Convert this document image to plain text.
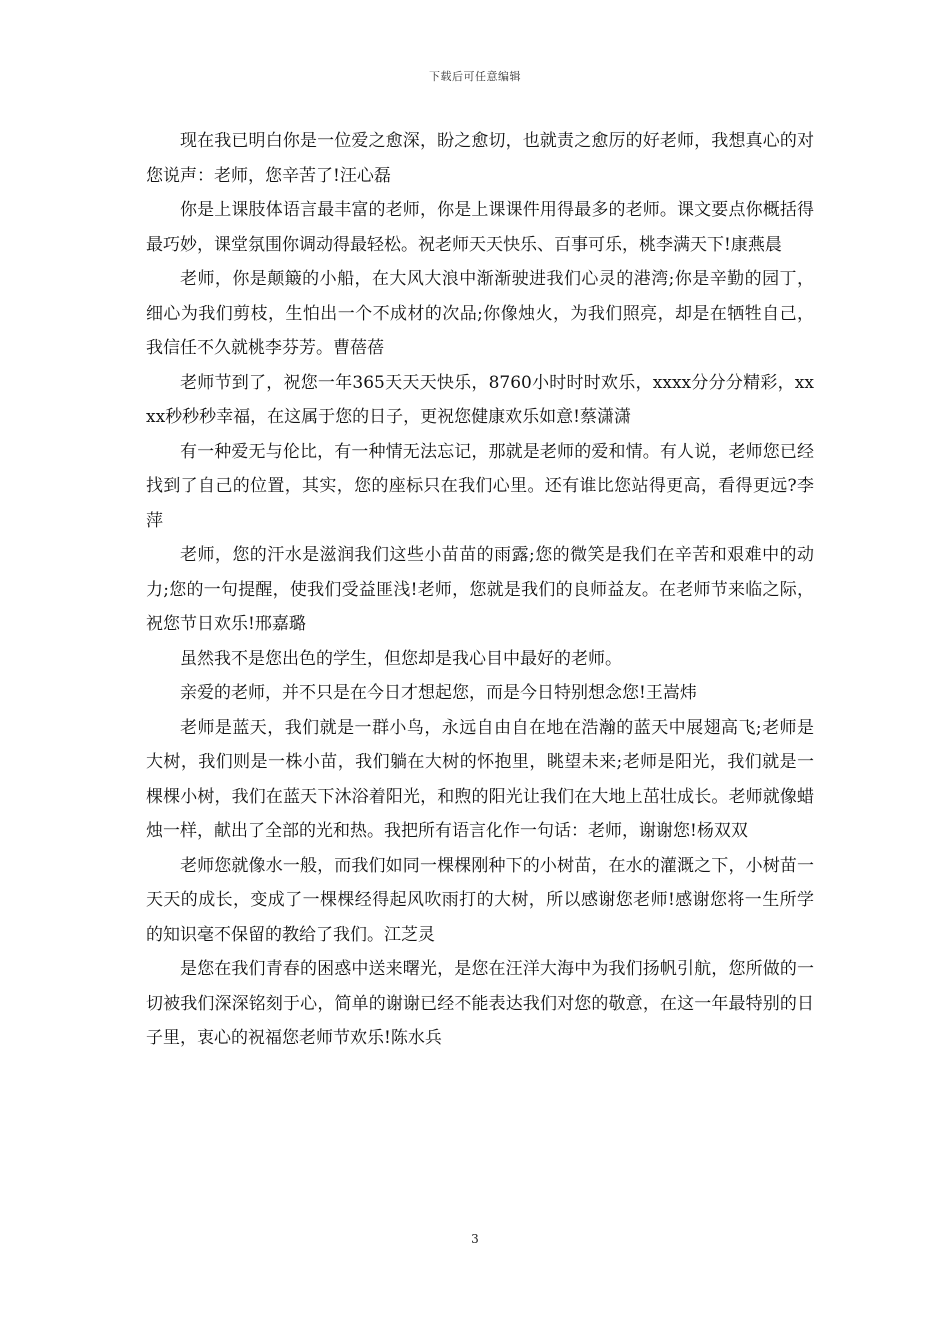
下载后可任意编辑

现在我已明白你是一位爱之愈深，盼之愈切，也就责之愈厉的好老师，我想真心的对您说声：老师，您辛苦了!汪心磊

你是上课肢体语言最丰富的老师，你是上课课件用得最多的老师。课文要点你概括得最巧妙，课堂氛围你调动得最轻松。祝老师天天快乐、百事可乐，桃李满天下!康燕晨

老师，你是颠簸的小船，在大风大浪中渐渐驶进我们心灵的港湾;你是辛勤的园丁，细心为我们剪枝，生怕出一个不成材的次品;你像烛火，为我们照亮，却是在牺牲自己，我信任不久就桃李芬芳。曹蓓蓓

老师节到了，祝您一年365天天天快乐，8760小时时时欢乐，xxxx分分分精彩，xxxx秒秒秒幸福，在这属于您的日子，更祝您健康欢乐如意!蔡潇潇

有一种爱无与伦比，有一种情无法忘记，那就是老师的爱和情。有人说，老师您已经找到了自己的位置，其实，您的座标只在我们心里。还有谁比您站得更高，看得更远?李萍

老师，您的汗水是滋润我们这些小苗苗的雨露;您的微笑是我们在辛苦和艰难中的动力;您的一句提醒，使我们受益匪浅!老师，您就是我们的良师益友。在老师节来临之际，祝您节日欢乐!邢嘉璐

虽然我不是您出色的学生，但您却是我心目中最好的老师。

亲爱的老师，并不只是在今日才想起您，而是今日特别想念您!王嵩炜

老师是蓝天，我们就是一群小鸟，永远自由自在地在浩瀚的蓝天中展翅高飞;老师是大树，我们则是一株小苗，我们躺在大树的怀抱里，眺望未来;老师是阳光，我们就是一棵棵小树，我们在蓝天下沐浴着阳光，和煦的阳光让我们在大地上茁壮成长。老师就像蜡烛一样，献出了全部的光和热。我把所有语言化作一句话：老师，谢谢您!杨双双

老师您就像水一般，而我们如同一棵棵刚种下的小树苗，在水的灌溉之下，小树苗一天天的成长，变成了一棵棵经得起风吹雨打的大树，所以感谢您老师!感谢您将一生所学的知识毫不保留的教给了我们。江芝灵

是您在我们青春的困惑中送来曙光，是您在汪洋大海中为我们扬帆引航，您所做的一切被我们深深铭刻于心，简单的谢谢已经不能表达我们对您的敬意，在这一年最特别的日子里，衷心的祝福您老师节欢乐!陈水兵

3
